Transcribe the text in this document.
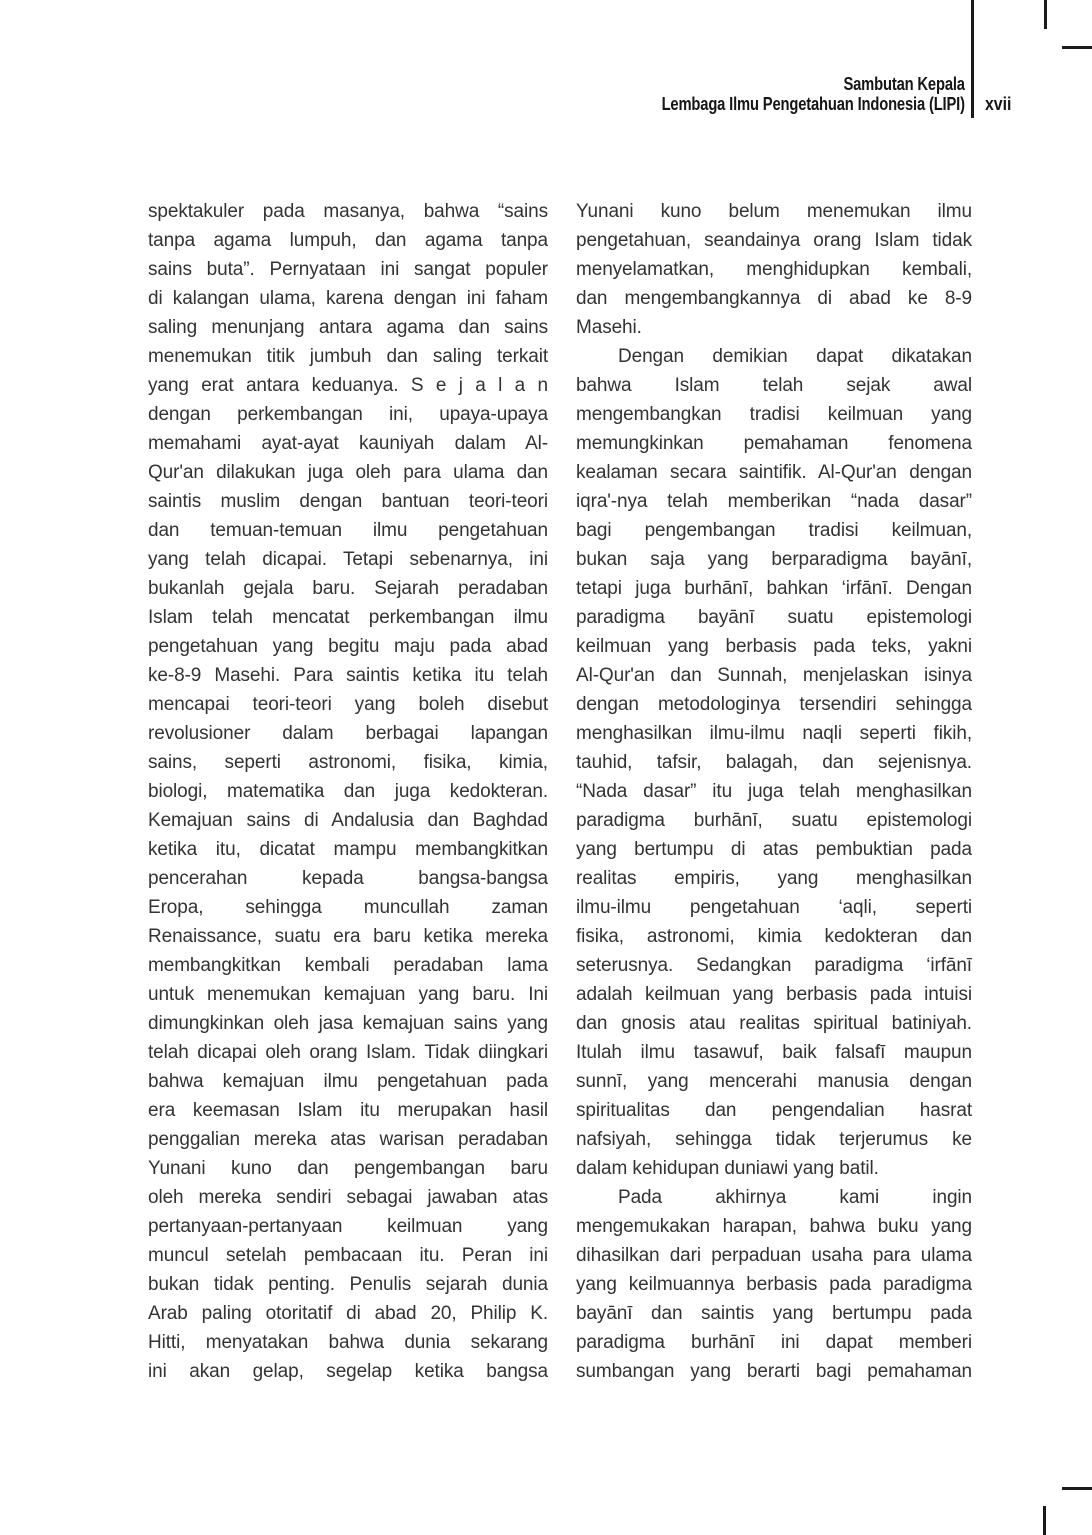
Sambutan Kepala
Lembaga Ilmu Pengetahuan Indonesia (LIPI) xvii
spektakuler pada masanya, bahwa “sains
tanpa agama lumpuh, dan agama tanpa
sains buta”. Pernyataan ini sangat populer
di kalangan ulama, karena dengan ini faham
saling menunjang antara agama dan sains
menemukan titik jumbuh dan saling terkait
yang erat antara keduanya. S e j a l a n
dengan perkembangan ini, upaya-upaya
memahami ayat-ayat kauniyah dalam Al-
Qur'an dilakukan juga oleh para ulama dan
saintis muslim dengan bantuan teori-teori
dan temuan-temuan ilmu pengetahuan
yang telah dicapai. Tetapi sebenarnya, ini
bukanlah gejala baru. Sejarah peradaban
Islam telah mencatat perkembangan ilmu
pengetahuan yang begitu maju pada abad
ke-8-9 Masehi. Para saintis ketika itu telah
mencapai teori-teori yang boleh disebut
revolusioner dalam berbagai lapangan
sains, seperti astronomi, fisika, kimia,
biologi, matematika dan juga kedokteran.
Kemajuan sains di Andalusia dan Baghdad
ketika itu, dicatat mampu membangkitkan
pencerahan kepada bangsa-bangsa
Eropa, sehingga muncullah zaman
Renaissance, suatu era baru ketika mereka
membangkitkan kembali peradaban lama
untuk menemukan kemajuan yang baru. Ini
dimungkinkan oleh jasa kemajuan sains yang
telah dicapai oleh orang Islam. Tidak diingkari
bahwa kemajuan ilmu pengetahuan pada
era keemasan Islam itu merupakan hasil
penggalian mereka atas warisan peradaban
Yunani kuno dan pengembangan baru
oleh mereka sendiri sebagai jawaban atas
pertanyaan-pertanyaan keilmuan yang
muncul setelah pembacaan itu. Peran ini
bukan tidak penting. Penulis sejarah dunia
Arab paling otoritatif di abad 20, Philip K.
Hitti, menyatakan bahwa dunia sekarang
ini akan gelap, segelap ketika bangsa
Yunani kuno belum menemukan ilmu
pengetahuan, seandainya orang Islam tidak
menyelamatkan, menghidupkan kembali,
dan mengembangkannya di abad ke 8-9
Masehi.
Dengan demikian dapat dikatakan
bahwa Islam telah sejak awal
mengembangkan tradisi keilmuan yang
memungkinkan pemahaman fenomena
kealaman secara saintifik. Al-Qur'an dengan
iqra'-nya telah memberikan “nada dasar”
bagi pengembangan tradisi keilmuan,
bukan saja yang berparadigma bayānī,
tetapi juga burhānī, bahkan ‘irfānī. Dengan
paradigma bayānī suatu epistemologi
keilmuan yang berbasis pada teks, yakni
Al-Qur'an dan Sunnah, menjelaskan isinya
dengan metodologinya tersendiri sehingga
menghasilkan ilmu-ilmu naqli seperti fikih,
tauhid, tafsir, balagah, dan sejenisnya.
“Nada dasar” itu juga telah menghasilkan
paradigma burhānī, suatu epistemologi
yang bertumpu di atas pembuktian pada
realitas empiris, yang menghasilkan
ilmu-ilmu pengetahuan ‘aqli, seperti
fisika, astronomi, kimia kedokteran dan
seterusnya. Sedangkan paradigma ‘irfānī
adalah keilmuan yang berbasis pada intuisi
dan gnosis atau realitas spiritual batiniyah.
Itulah ilmu tasawuf, baik falsafī maupun
sunnī, yang mencerahi manusia dengan
spiritualitas dan pengendalian hasrat
nafsiyah, sehingga tidak terjerumus ke
dalam kehidupan duniawi yang batil.
Pada akhirnya kami ingin
mengemukakan harapan, bahwa buku yang
dihasilkan dari perpaduan usaha para ulama
yang keilmuannya berbasis pada paradigma
bayānī dan saintis yang bertumpu pada
paradigma burhānī ini dapat memberi
sumbangan yang berarti bagi pemahaman
